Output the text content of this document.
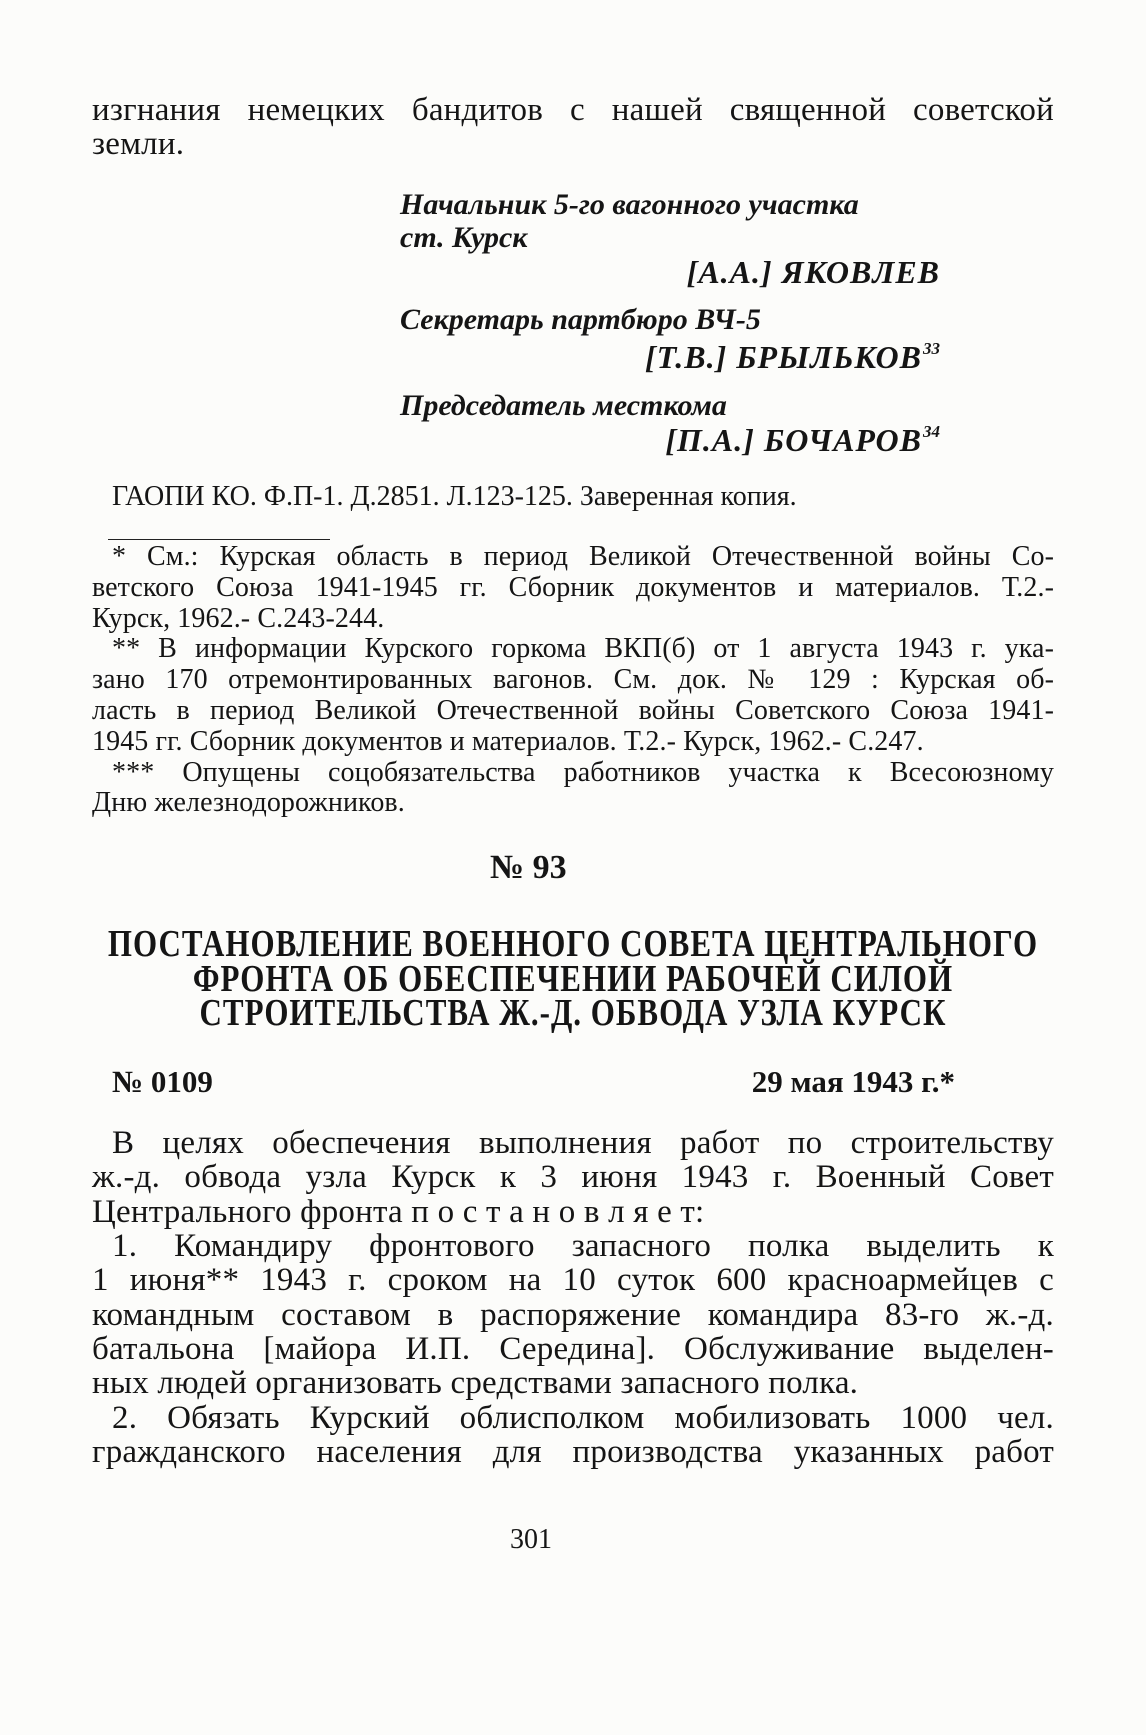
изгнания немецких бандитов с нашей священной советской
земли.
Начальник 5-го вагонного участка
ст. Курск
[А.А.] ЯКОВЛЕВ
Секретарь партбюро ВЧ-5
[Т.В.] БРЫЛЬКОВ$^{33}$
Председатель месткома
[П.А.] БОЧАРОВ$^{34}$
ГАОПИ КО. Ф.П-1. Д.2851. Л.123-125. Заверенная копия.
* См.: Курская область в период Великой Отечественной войны Со-
ветского Союза 1941-1945 гг. Сборник документов и материалов. Т.2.-
Курск, 1962.- С.243-244.
** В информации Курского горкома ВКП(б) от 1 августа 1943 г. ука-
зано 170 отремонтированных вагонов. См. док. № 129 : Курская об-
ласть в период Великой Отечественной войны Советского Союза 1941-
1945 гг. Сборник документов и материалов. Т.2.- Курск, 1962.- С.247.
*** Опущены соцобязательства работников участка к Всесоюзному
Дню железнодорожников.
№ 93
ПОСТАНОВЛЕНИЕ ВОЕННОГО СОВЕТА ЦЕНТРАЛЬНОГО
ФРОНТА ОБ ОБЕСПЕЧЕНИИ РАБОЧЕЙ СИЛОЙ
СТРОИТЕЛЬСТВА Ж.-Д. ОБВОДА УЗЛА КУРСК
№ 0109	29 мая 1943 г.*
В целях обеспечения выполнения работ по строительству
ж.-д. обвода узла Курск к 3 июня 1943 г. Военный Совет
Центрального фронта п о с т а н о в л я е т:
1. Командиру фронтового запасного полка выделить к
1 июня** 1943 г. сроком на 10 суток 600 красноармейцев с
командным составом в распоряжение командира 83-го ж.-д.
батальона [майора И.П. Середина]. Обслуживание выделен-
ных людей организовать средствами запасного полка.
2. Обязать Курский облисполком мобилизовать 1000 чел.
гражданского населения для производства указанных работ
301
